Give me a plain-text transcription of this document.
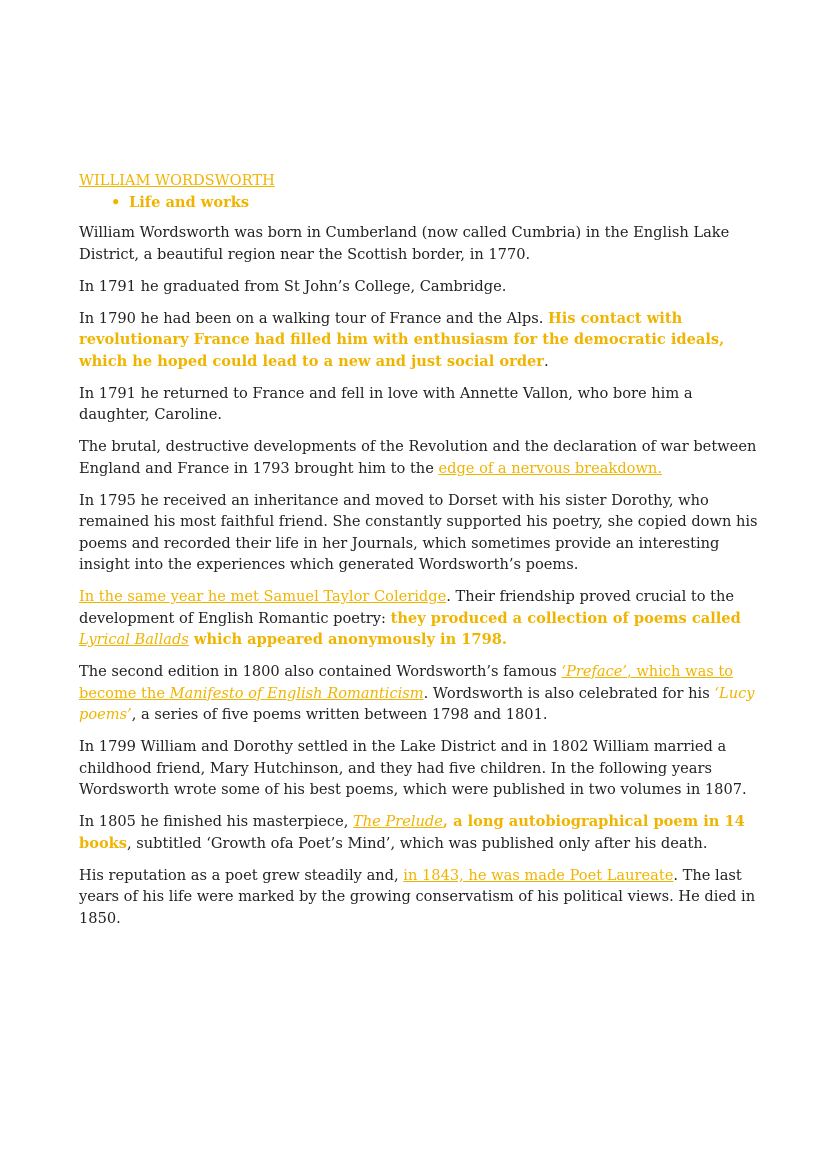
WILLIAM WORDSWORTH
• Life and works

William Wordsworth was born in Cumberland (now called Cumbria) in the English Lake District, a beautiful region near the Scottish border, in 1770.

In 1791 he graduated from St John’s College, Cambridge.

In 1790 he had been on a walking tour of France and the Alps. His contact with revolutionary France had filled him with enthusiasm for the democratic ideals, which he hoped could lead to a new and just social order.

In 1791 he returned to France and fell in love with Annette Vallon, who bore him a daughter, Caroline.

The brutal, destructive developments of the Revolution and the declaration of war between England and France in 1793 brought him to the edge of a nervous breakdown.

In 1795 he received an inheritance and moved to Dorset with his sister Dorothy, who remained his most faithful friend. She constantly supported his poetry, she copied down his poems and recorded their life in her Journals, which sometimes provide an interesting insight into the experiences which generated Wordsworth’s poems.

In the same year he met Samuel Taylor Coleridge. Their friendship proved crucial to the development of English Romantic poetry: they produced a collection of poems called Lyrical Ballads which appeared anonymously in 1798.

The second edition in 1800 also contained Wordsworth’s famous ‘Preface’, which was to become the Manifesto of English Romanticism. Wordsworth is also celebrated for his ‘Lucy poems’, a series of five poems written between 1798 and 1801.

In 1799 William and Dorothy settled in the Lake District and in 1802 William married a childhood friend, Mary Hutchinson, and they had five children. In the following years Wordsworth wrote some of his best poems, which were published in two volumes in 1807.

In 1805 he finished his masterpiece, The Prelude, a long autobiographical poem in 14 books, subtitled ‘Growth ofa Poet’s Mind’, which was published only after his death.

His reputation as a poet grew steadily and, in 1843, he was made Poet Laureate. The last years of his life were marked by the growing conservatism of his political views. He died in 1850.
